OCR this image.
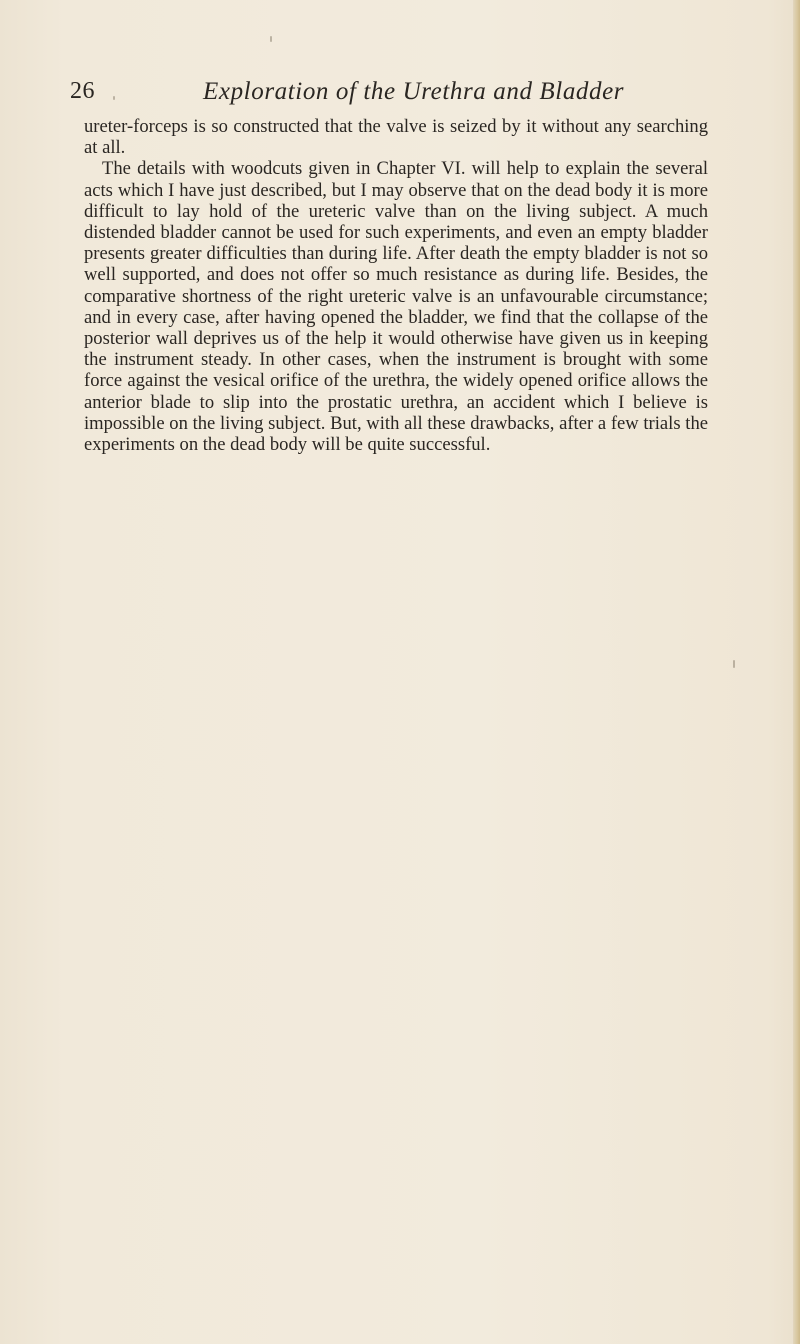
26	Exploration of the Urethra and Bladder

ureter-forceps is so constructed that the valve is seized by it without any searching at all.

The details with woodcuts given in Chapter VI. will help to explain the several acts which I have just described, but I may observe that on the dead body it is more difficult to lay hold of the ureteric valve than on the living subject. A much distended bladder cannot be used for such experiments, and even an empty bladder presents greater difficulties than during life. After death the empty bladder is not so well supported, and does not offer so much resistance as during life. Besides, the comparative shortness of the right ureteric valve is an unfavourable circumstance; and in every case, after having opened the bladder, we find that the collapse of the posterior wall deprives us of the help it would otherwise have given us in keeping the instrument steady. In other cases, when the instrument is brought with some force against the vesical orifice of the urethra, the widely opened orifice allows the anterior blade to slip into the prostatic urethra, an accident which I believe is impossible on the living subject. But, with all these drawbacks, after a few trials the experiments on the dead body will be quite successful.
